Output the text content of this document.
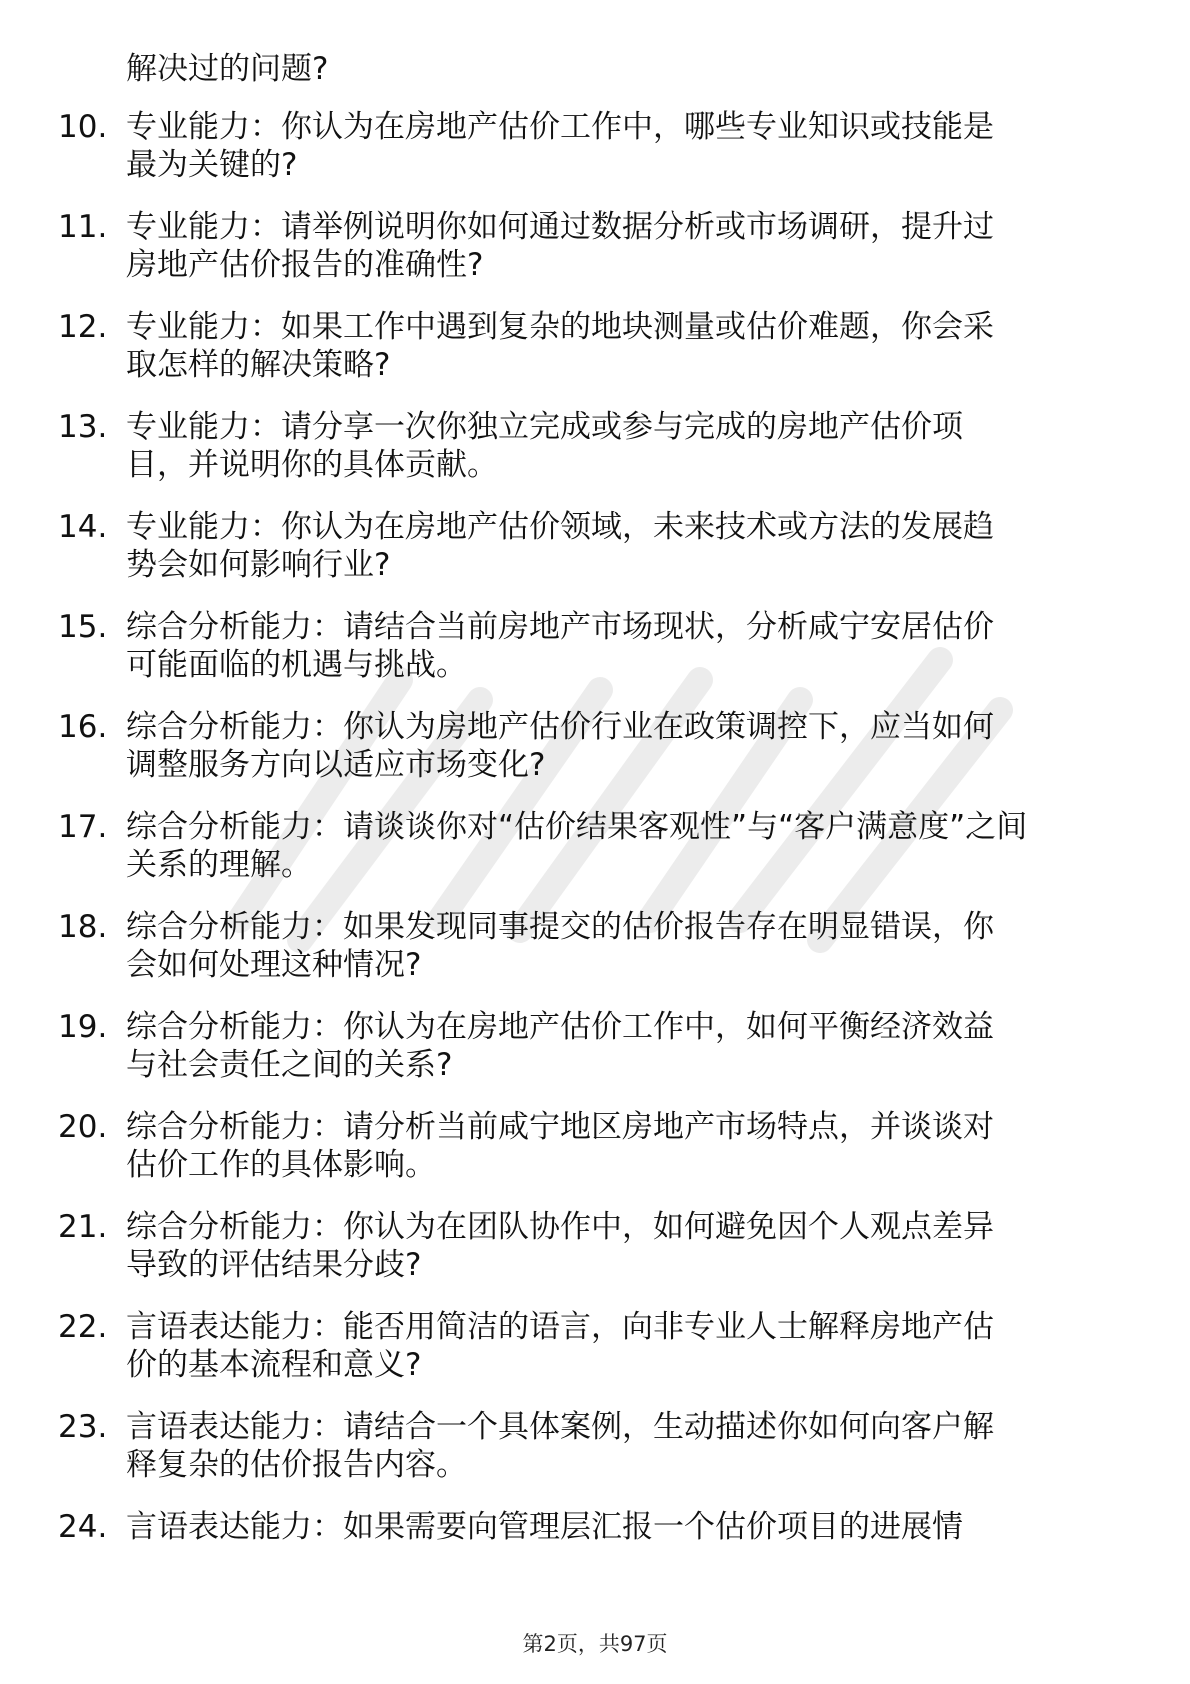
解决过的问题?
10. 专业能力：你认为在房地产估价工作中，哪些专业知识或技能是
最为关键的?
11. 专业能力：请举例说明你如何通过数据分析或市场调研，提升过
房地产估价报告的准确性?
12. 专业能力：如果工作中遇到复杂的地块测量或估价难题，你会采
取怎样的解决策略?
13. 专业能力：请分享一次你独立完成或参与完成的房地产估价项
目，并说明你的具体贡献。
14. 专业能力：你认为在房地产估价领域，未来技术或方法的发展趋
势会如何影响行业?
15. 综合分析能力：请结合当前房地产市场现状，分析咸宁安居估价
可能面临的机遇与挑战。
16. 综合分析能力：你认为房地产估价行业在政策调控下，应当如何
调整服务方向以适应市场变化?
17. 综合分析能力：请谈谈你对“估价结果客观性”与“客户满意度”之间
关系的理解。
18. 综合分析能力：如果发现同事提交的估价报告存在明显错误，你
会如何处理这种情况?
19. 综合分析能力：你认为在房地产估价工作中，如何平衡经济效益
与社会责任之间的关系?
20. 综合分析能力：请分析当前咸宁地区房地产市场特点，并谈谈对
估价工作的具体影响。
21. 综合分析能力：你认为在团队协作中，如何避免因个人观点差异
导致的评估结果分歧?
22. 言语表达能力：能否用简洁的语言，向非专业人士解释房地产估
价的基本流程和意义?
23. 言语表达能力：请结合一个具体案例，生动描述你如何向客户解
释复杂的估价报告内容。
24. 言语表达能力：如果需要向管理层汇报一个估价项目的进展情
第2页，共97页
